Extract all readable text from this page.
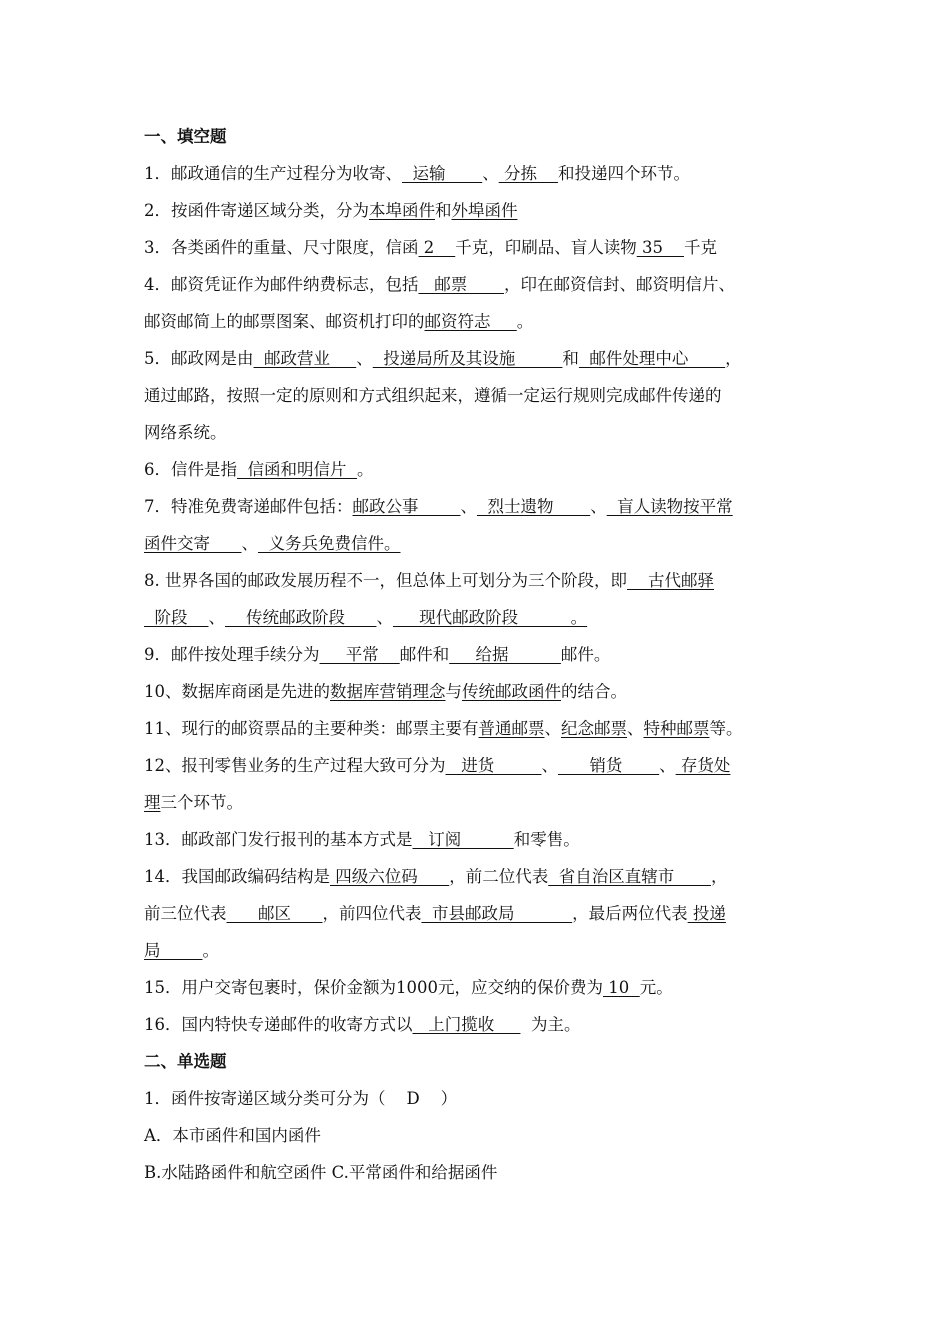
一、填空题
1．邮政通信的生产过程分为收寄、  运输       、 分拣    和投递四个环节。
2．按函件寄递区域分类，分为本埠函件和外埠函件
3．各类函件的重量、尺寸限度，信函 2    千克，印刷品、盲人读物 35    千克
4．邮资凭证作为邮件纳费标志，包括   邮票       ，印在邮资信封、邮资明信片、
邮资邮简上的邮票图案、邮资机打印的邮资符志     。
5．邮政网是由  邮政营业     、  投递局所及其设施         和  邮件处理中心       ，
通过邮路，按照一定的原则和方式组织起来，遵循一定运行规则完成邮件传递的
网络系统。
6．信件是指  信函和明信片  。
7．特准免费寄递邮件包括：邮政公事        、  烈士遗物       、  盲人读物按平常
函件交寄      、  义务兵免费信件。
8. 世界各国的邮政发展历程不一，但总体上可划分为三个阶段，即    古代邮驿
阶段    、    传统邮政阶段      、     现代邮政阶段          。
9．邮件按处理手续分为     平常    邮件和     给据          邮件。
10、数据库商函是先进的数据库营销理念与传统邮政函件的结合。
11、现行的邮资票品的主要种类：邮票主要有普通邮票、纪念邮票、特种邮票等。
12、报刊零售业务的生产过程大致可分为   进货         、      销货       、 存货处
理三个环节。
13．邮政部门发行报刊的基本方式是   订阅          和零售。
14．我国邮政编码结构是 四级六位码      ，前二位代表  省自治区直辖市       ，
前三位代表      邮区      ，前四位代表  市县邮政局           ，最后两位代表 投递
局        。
15．用户交寄包裹时，保价金额为1000元，应交纳的保价费为 10  元。
16．国内特快专递邮件的收寄方式以   上门揽收       为主。
二、单选题
1．函件按寄递区域分类可分为（    D    ）
A．本市函件和国内函件
B.水陆路函件和航空函件 C.平常函件和给据函件
